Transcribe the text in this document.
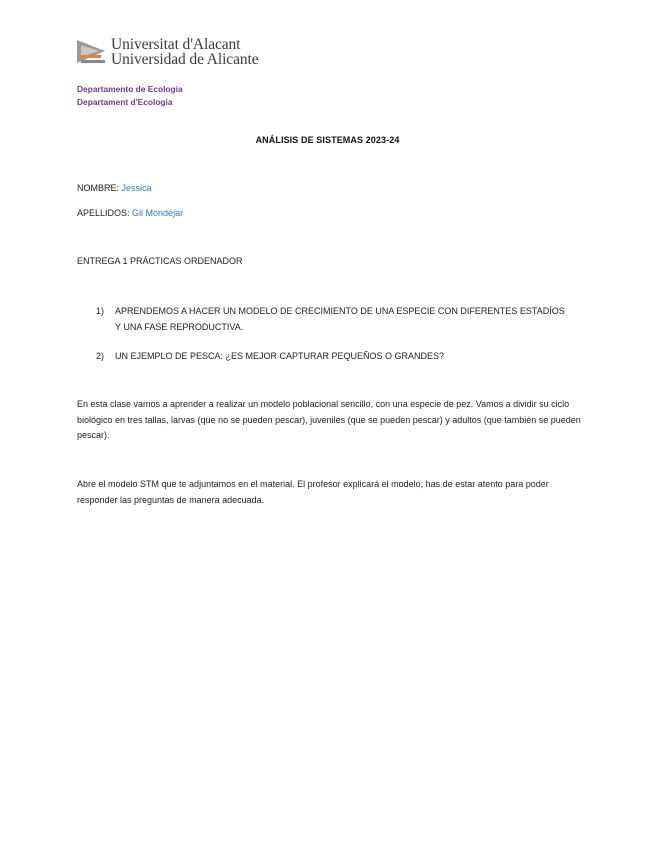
Universitat d'Alacant
Universidad de Alicante
Departamento de Ecología
Departament d'Ecologia
ANÁLISIS DE SISTEMAS 2023-24
NOMBRE: Jessica
APELLIDOS: Gil Mondéjar
ENTREGA 1 PRÁCTICAS ORDENADOR
1) APRENDEMOS A HACER UN MODELO DE CRECIMIENTO DE UNA ESPECIE CON DIFERENTES ESTADÍOS Y UNA FASE REPRODUCTIVA.
2) UN EJEMPLO DE PESCA: ¿ES MEJOR CAPTURAR PEQUEÑOS O GRANDES?
En esta clase vamos a aprender a realizar un modelo poblacional sencillo, con una especie de pez. Vamos a dividir su ciclo biológico en tres tallas, larvas (que no se pueden pescar), juveniles (que se pueden pescar) y adultos (que también se pueden pescar).
Abre el modelo STM que te adjuntamos en el material. El profesor explicará el modelo, has de estar atento para poder responder las preguntas de manera adecuada.
